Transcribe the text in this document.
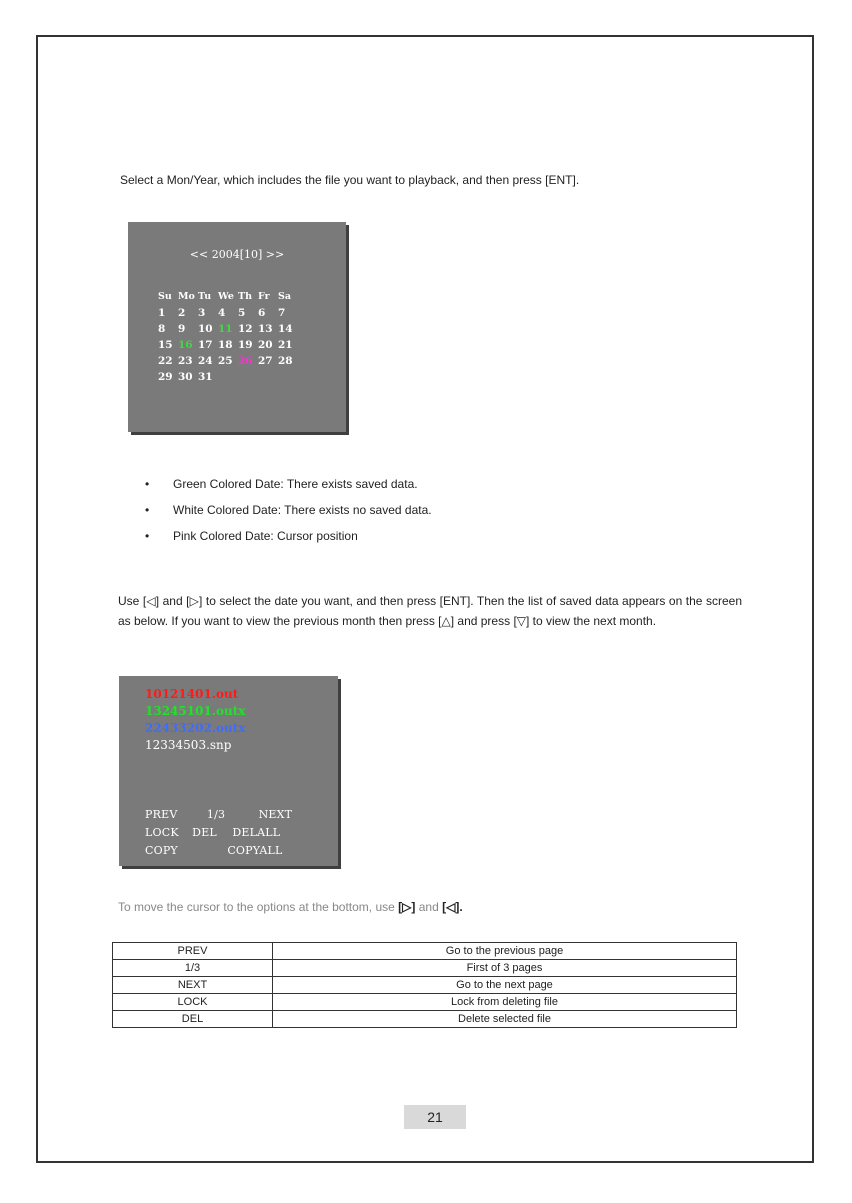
Select a Mon/Year, which includes the file you want to playback, and then press [ENT].
<< 2004[10] >>
Su Mo Tu We Th Fr Sa
1	2	3	4	5	6	7
8	9	10 11 12 13 14
15 16 17 18 19 20 21
22 23 24 25 26 27 28
29 30 31
• Green Colored Date: There exists saved data.
• White Colored Date: There exists no saved data.
• Pink Colored Date: Cursor position
Use [◁] and [▷] to select the date you want, and then press [ENT]. Then the list of saved data appears on the screen as below. If you want to view the previous month then press [△] and press [▽] to view the next month.
10121401.out
13245101.outx
22433202.outx
12334503.snp
PREV	1/3	NEXT
LOCK DEL DELALL
COPY	COPYALL
To move the cursor to the options at the bottom, use [▷] and [◁].
PREV	Go to the previous page
1/3	First of 3 pages
NEXT	Go to the next page
LOCK	Lock from deleting file
DEL	Delete selected file
21
